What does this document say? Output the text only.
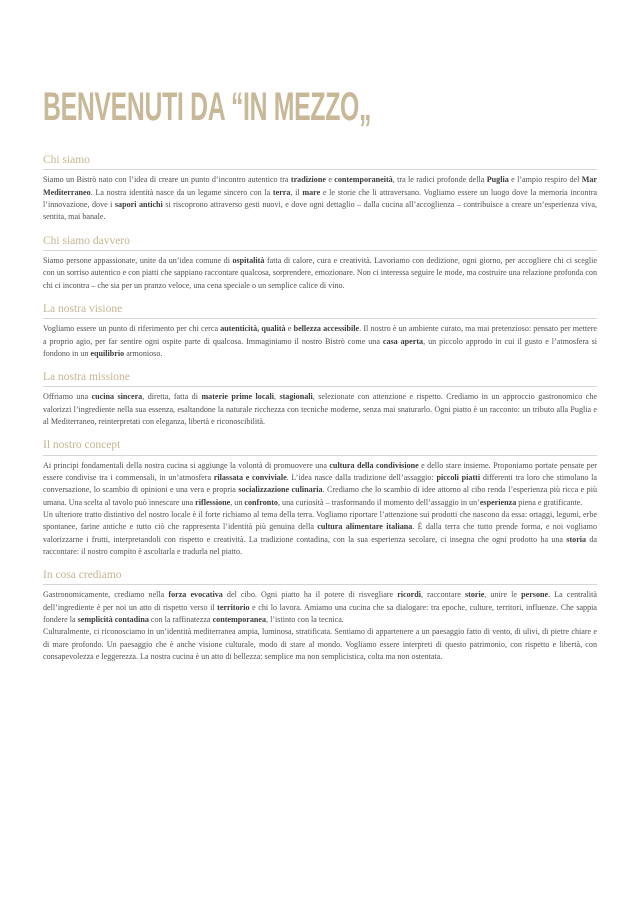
BENVENUTI DA “IN MEZZO„
Chi siamo

Siamo un Bistrò nato con l’idea di creare un punto d’incontro autentico tra tradizione e contemporaneità, tra le radici profonde della Puglia e l’ampio respiro del Mar Mediterraneo. La nostra identità nasce da un legame sincero con la terra, il mare e le storie che li attraversano. Vogliamo essere un luogo dove la memoria incontra l’innovazione, dove i sapori antichi si riscoprono attraverso gesti nuovi, e dove ogni dettaglio – dalla cucina all’accoglienza – contribuisce a creare un’esperienza viva, sentita, mai banale.

Chi siamo davvero

Siamo persone appassionate, unite da un’idea comune di ospitalità fatta di calore, cura e creatività. Lavoriamo con dedizione, ogni giorno, per accogliere chi ci sceglie con un sorriso autentico e con piatti che sappiano raccontare qualcosa, sorprendere, emozionare. Non ci interessa seguire le mode, ma costruire una relazione profonda con chi ci incontra – che sia per un pranzo veloce, una cena speciale o un semplice calice di vino.

La nostra visione

Vogliamo essere un punto di riferimento per chi cerca autenticità, qualità e bellezza accessibile. Il nostro è un ambiente curato, ma mai pretenzioso: pensato per mettere a proprio agio, per far sentire ogni ospite parte di qualcosa. Immaginiamo il nostro Bistrò come una casa aperta, un piccolo approdo in cui il gusto e l’atmosfera si fondono in un equilibrio armonioso.

La nostra missione

Offriamo una cucina sincera, diretta, fatta di materie prime locali, stagionali, selezionate con attenzione e rispetto. Crediamo in un approccio gastronomico che valorizzi l’ingrediente nella sua essenza, esaltandone la naturale ricchezza con tecniche moderne, senza mai snaturarlo. Ogni piatto è un racconto: un tributo alla Puglia e al Mediterraneo, reinterpretati con eleganza, libertà e riconoscibilità.

Il nostro concept

Ai principi fondamentali della nostra cucina si aggiunge la volontà di promuovere una cultura della condivisione e dello stare insieme. Proponiamo portate pensate per essere condivise tra i commensali, in un’atmosfera rilassata e conviviale. L’idea nasce dalla tradizione dell’assaggio: piccoli piatti differenti tra loro che stimolano la conversazione, lo scambio di opinioni e una vera e propria socializzazione culinaria. Crediamo che lo scambio di idee attorno al cibo renda l’esperienza più ricca e più umana. Una scelta al tavolo può innescare una riflessione, un confronto, una curiosità – trasformando il momento dell’assaggio in un’esperienza piena e gratificante.

Un ulteriore tratto distintivo del nostro locale è il forte richiamo al tema della terra. Vogliamo riportare l’attenzione sui prodotti che nascono da essa: ortaggi, legumi, erbe spontanee, farine antiche e tutto ciò che rappresenta l’identità più genuina della cultura alimentare italiana. È dalla terra che tutto prende forma, e noi vogliamo valorizzarne i frutti, interpretandoli con rispetto e creatività. La tradizione contadina, con la sua esperienza secolare, ci insegna che ogni prodotto ha una storia da raccontare: il nostro compito è ascoltarla e tradurla nel piatto.

In cosa crediamo

Gastronomicamente, crediamo nella forza evocativa del cibo. Ogni piatto ha il potere di risvegliare ricordi, raccontare storie, unire le persone. La centralità dell’ingrediente è per noi un atto di rispetto verso il territorio e chi lo lavora. Amiamo una cucina che sa dialogare: tra epoche, culture, territori, influenze. Che sappia fondere la semplicità contadina con la raffinatezza contemporanea, l’istinto con la tecnica.

Culturalmente, ci riconosciamo in un’identità mediterranea ampia, luminosa, stratificata. Sentiamo di appartenere a un paesaggio fatto di vento, di ulivi, di pietre chiare e di mare profondo. Un paesaggio che è anche visione culturale, modo di stare al mondo. Vogliamo essere interpreti di questo patrimonio, con rispetto e libertà, con consapevolezza e leggerezza. La nostra cucina è un atto di bellezza: semplice ma non semplicistica, colta ma non ostentata.
